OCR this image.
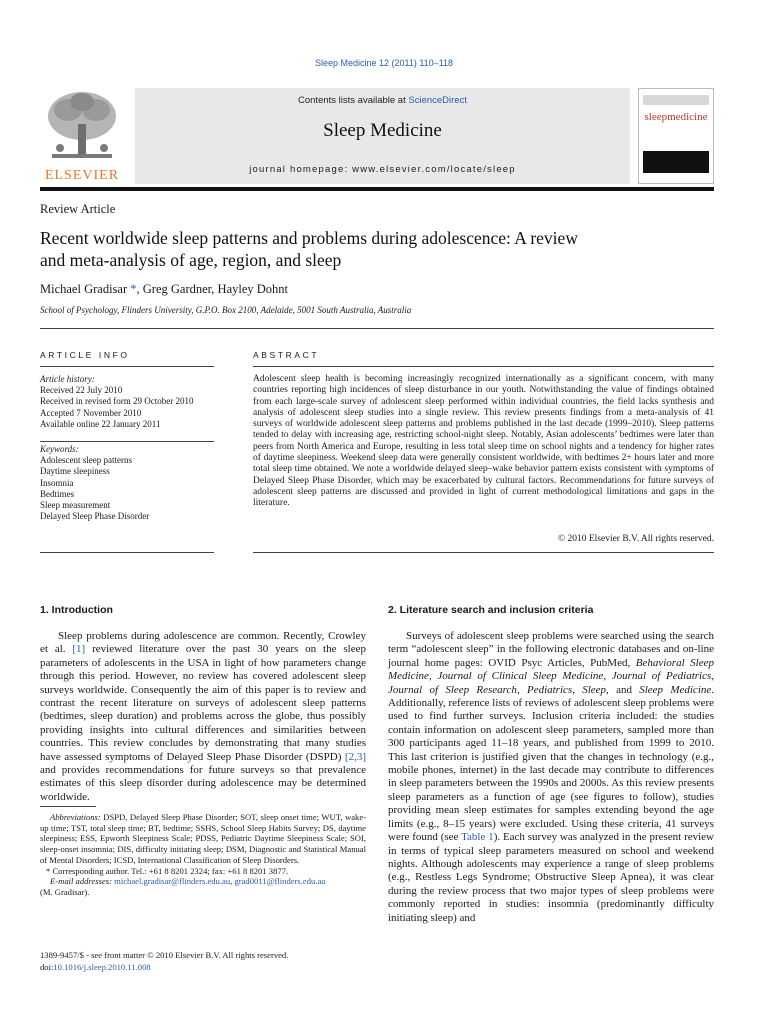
Sleep Medicine 12 (2011) 110–118
ELSEVIER
Contents lists available at ScienceDirect
Sleep Medicine
journal homepage: www.elsevier.com/locate/sleep
sleepmedicine
Review Article
Recent worldwide sleep patterns and problems during adolescence: A review
and meta-analysis of age, region, and sleep
Michael Gradisar *, Greg Gardner, Hayley Dohnt
School of Psychology, Flinders University, G.P.O. Box 2100, Adelaide, 5001 South Australia, Australia
ARTICLE INFO	ABSTRACT
Article history:
Received 22 July 2010
Received in revised form 29 October 2010
Accepted 7 November 2010
Available online 22 January 2011
Keywords:
Adolescent sleep patterns
Daytime sleepiness
Insomnia
Bedtimes
Sleep measurement
Delayed Sleep Phase Disorder
Adolescent sleep health is becoming increasingly recognized internationally as a significant concern, with many countries reporting high incidences of sleep disturbance in our youth. Notwithstanding the value of findings obtained from each large-scale survey of adolescent sleep performed within individual countries, the field lacks synthesis and analysis of adolescent sleep studies into a single review. This review presents findings from a meta-analysis of 41 surveys of worldwide adolescent sleep patterns and problems published in the last decade (1999–2010). Sleep patterns tended to delay with increasing age, restricting school-night sleep. Notably, Asian adolescents’ bedtimes were later than peers from North America and Europe, resulting in less total sleep time on school nights and a tendency for higher rates of daytime sleepiness. Weekend sleep data were generally consistent worldwide, with bedtimes 2+ hours later and more total sleep time obtained. We note a worldwide delayed sleep–wake behavior pattern exists consistent with symptoms of Delayed Sleep Phase Disorder, which may be exacerbated by cultural factors. Recommendations for future surveys of adolescent sleep patterns are discussed and provided in light of current methodological limitations and gaps in the literature.
© 2010 Elsevier B.V. All rights reserved.
1. Introduction	2. Literature search and inclusion criteria
Sleep problems during adolescence are common. Recently, Crowley et al. [1] reviewed literature over the past 30 years on the sleep parameters of adolescents in the USA in light of how parameters change through this period. However, no review has covered adolescent sleep surveys worldwide. Consequently the aim of this paper is to review and contrast the recent literature on surveys of adolescent sleep patterns (bedtimes, sleep duration) and problems across the globe, thus possibly providing insights into cultural differences and similarities between countries. This review concludes by demonstrating that many studies have assessed symptoms of Delayed Sleep Phase Disorder (DSPD) [2,3] and provides recommendations for future surveys so that prevalence estimates of this sleep disorder during adolescence may be determined worldwide.
Abbreviations: DSPD, Delayed Sleep Phase Disorder; SOT, sleep onset time; WUT, wake-up time; TST, total sleep time; BT, bedtime; SSHS, School Sleep Habits Survey; DS, daytime sleepiness; ESS, Epworth Sleepiness Scale; PDSS, Pediatric Daytime Sleepiness Scale; SOI, sleep-onset insomnia; DIS, difficulty initiating sleep; DSM, Diagnostic and Statistical Manual of Mental Disorders; ICSD, International Classification of Sleep Disorders.
* Corresponding author. Tel.: +61 8 8201 2324; fax: +61 8 8201 3877.
E-mail addresses: michael.gradisar@flinders.edu.au, grad0011@flinders.edu.au
(M. Gradisar).
1389-9457/$ - see front matter © 2010 Elsevier B.V. All rights reserved.
doi:10.1016/j.sleep.2010.11.008
Surveys of adolescent sleep problems were searched using the search term “adolescent sleep” in the following electronic databases and on-line journal home pages: OVID Psyc Articles, PubMed, Behavioral Sleep Medicine, Journal of Clinical Sleep Medicine, Journal of Pediatrics, Journal of Sleep Research, Pediatrics, Sleep, and Sleep Medicine. Additionally, reference lists of reviews of adolescent sleep problems were used to find further surveys. Inclusion criteria included: the studies contain information on adolescent sleep parameters, sampled more than 300 participants aged 11–18 years, and published from 1999 to 2010. This last criterion is justified given that the changes in technology (e.g., mobile phones, internet) in the last decade may contribute to differences in sleep parameters between the 1990s and 2000s. As this review presents sleep parameters as a function of age (see figures to follow), studies providing mean sleep estimates for samples extending beyond the age limits (e.g., 8–15 years) were excluded. Using these criteria, 41 surveys were found (see Table 1). Each survey was analyzed in the present review in terms of typical sleep parameters measured on school and weekend nights. Although adolescents may experience a range of sleep problems (e.g., Restless Legs Syndrome; Obstructive Sleep Apnea), it was clear during the review process that two major types of sleep problems were commonly reported in studies: insomnia (predominantly difficulty initiating sleep) and
